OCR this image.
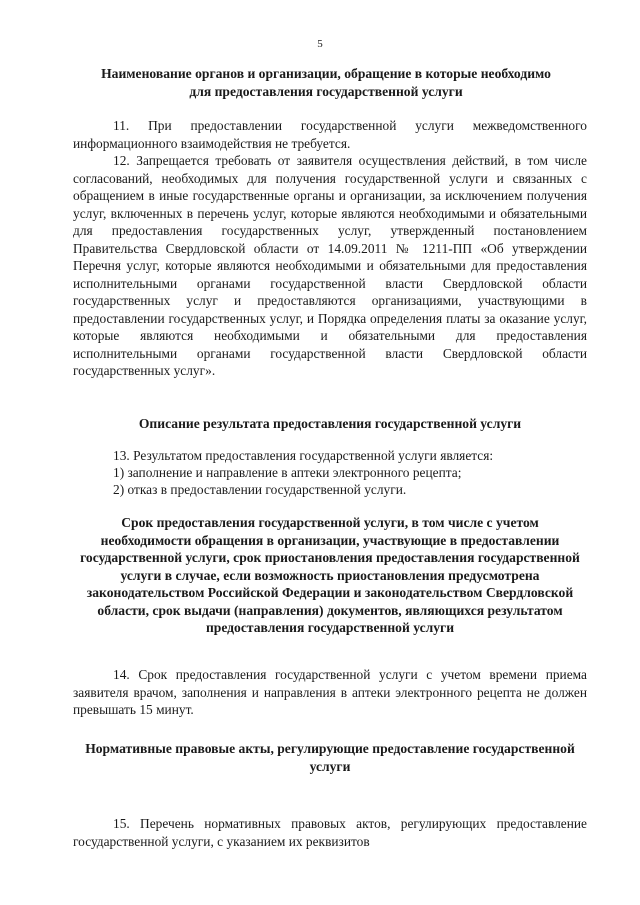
5
Наименование органов и организации, обращение в которые необходимо для предоставления государственной услуги
11. При предоставлении государственной услуги межведомственного информационного взаимодействия не требуется.
12. Запрещается требовать от заявителя осуществления действий, в том числе согласований, необходимых для получения государственной услуги и связанных с обращением в иные государственные органы и организации, за исключением получения услуг, включенных в перечень услуг, которые являются необходимыми и обязательными для предоставления государственных услуг, утвержденный постановлением Правительства Свердловской области от 14.09.2011 № 1211-ПП «Об утверждении Перечня услуг, которые являются необходимыми и обязательными для предоставления исполнительными органами государственной власти Свердловской области государственных услуг и предоставляются организациями, участвующими в предоставлении государственных услуг, и Порядка определения платы за оказание услуг, которые являются необходимыми и обязательными для предоставления исполнительными органами государственной власти Свердловской области государственных услуг».
Описание результата предоставления государственной услуги
13. Результатом предоставления государственной услуги является:
1) заполнение и направление в аптеки электронного рецепта;
2) отказ в предоставлении государственной услуги.
Срок предоставления государственной услуги, в том числе с учетом необходимости обращения в организации, участвующие в предоставлении государственной услуги, срок приостановления предоставления государственной услуги в случае, если возможность приостановления предусмотрена законодательством Российской Федерации и законодательством Свердловской области, срок выдачи (направления) документов, являющихся результатом предоставления государственной услуги
14. Срок предоставления государственной услуги с учетом времени приема заявителя врачом, заполнения и направления в аптеки электронного рецепта не должен превышать 15 минут.
Нормативные правовые акты, регулирующие предоставление государственной услуги
15. Перечень нормативных правовых актов, регулирующих предоставление государственной услуги, с указанием их реквизитов
